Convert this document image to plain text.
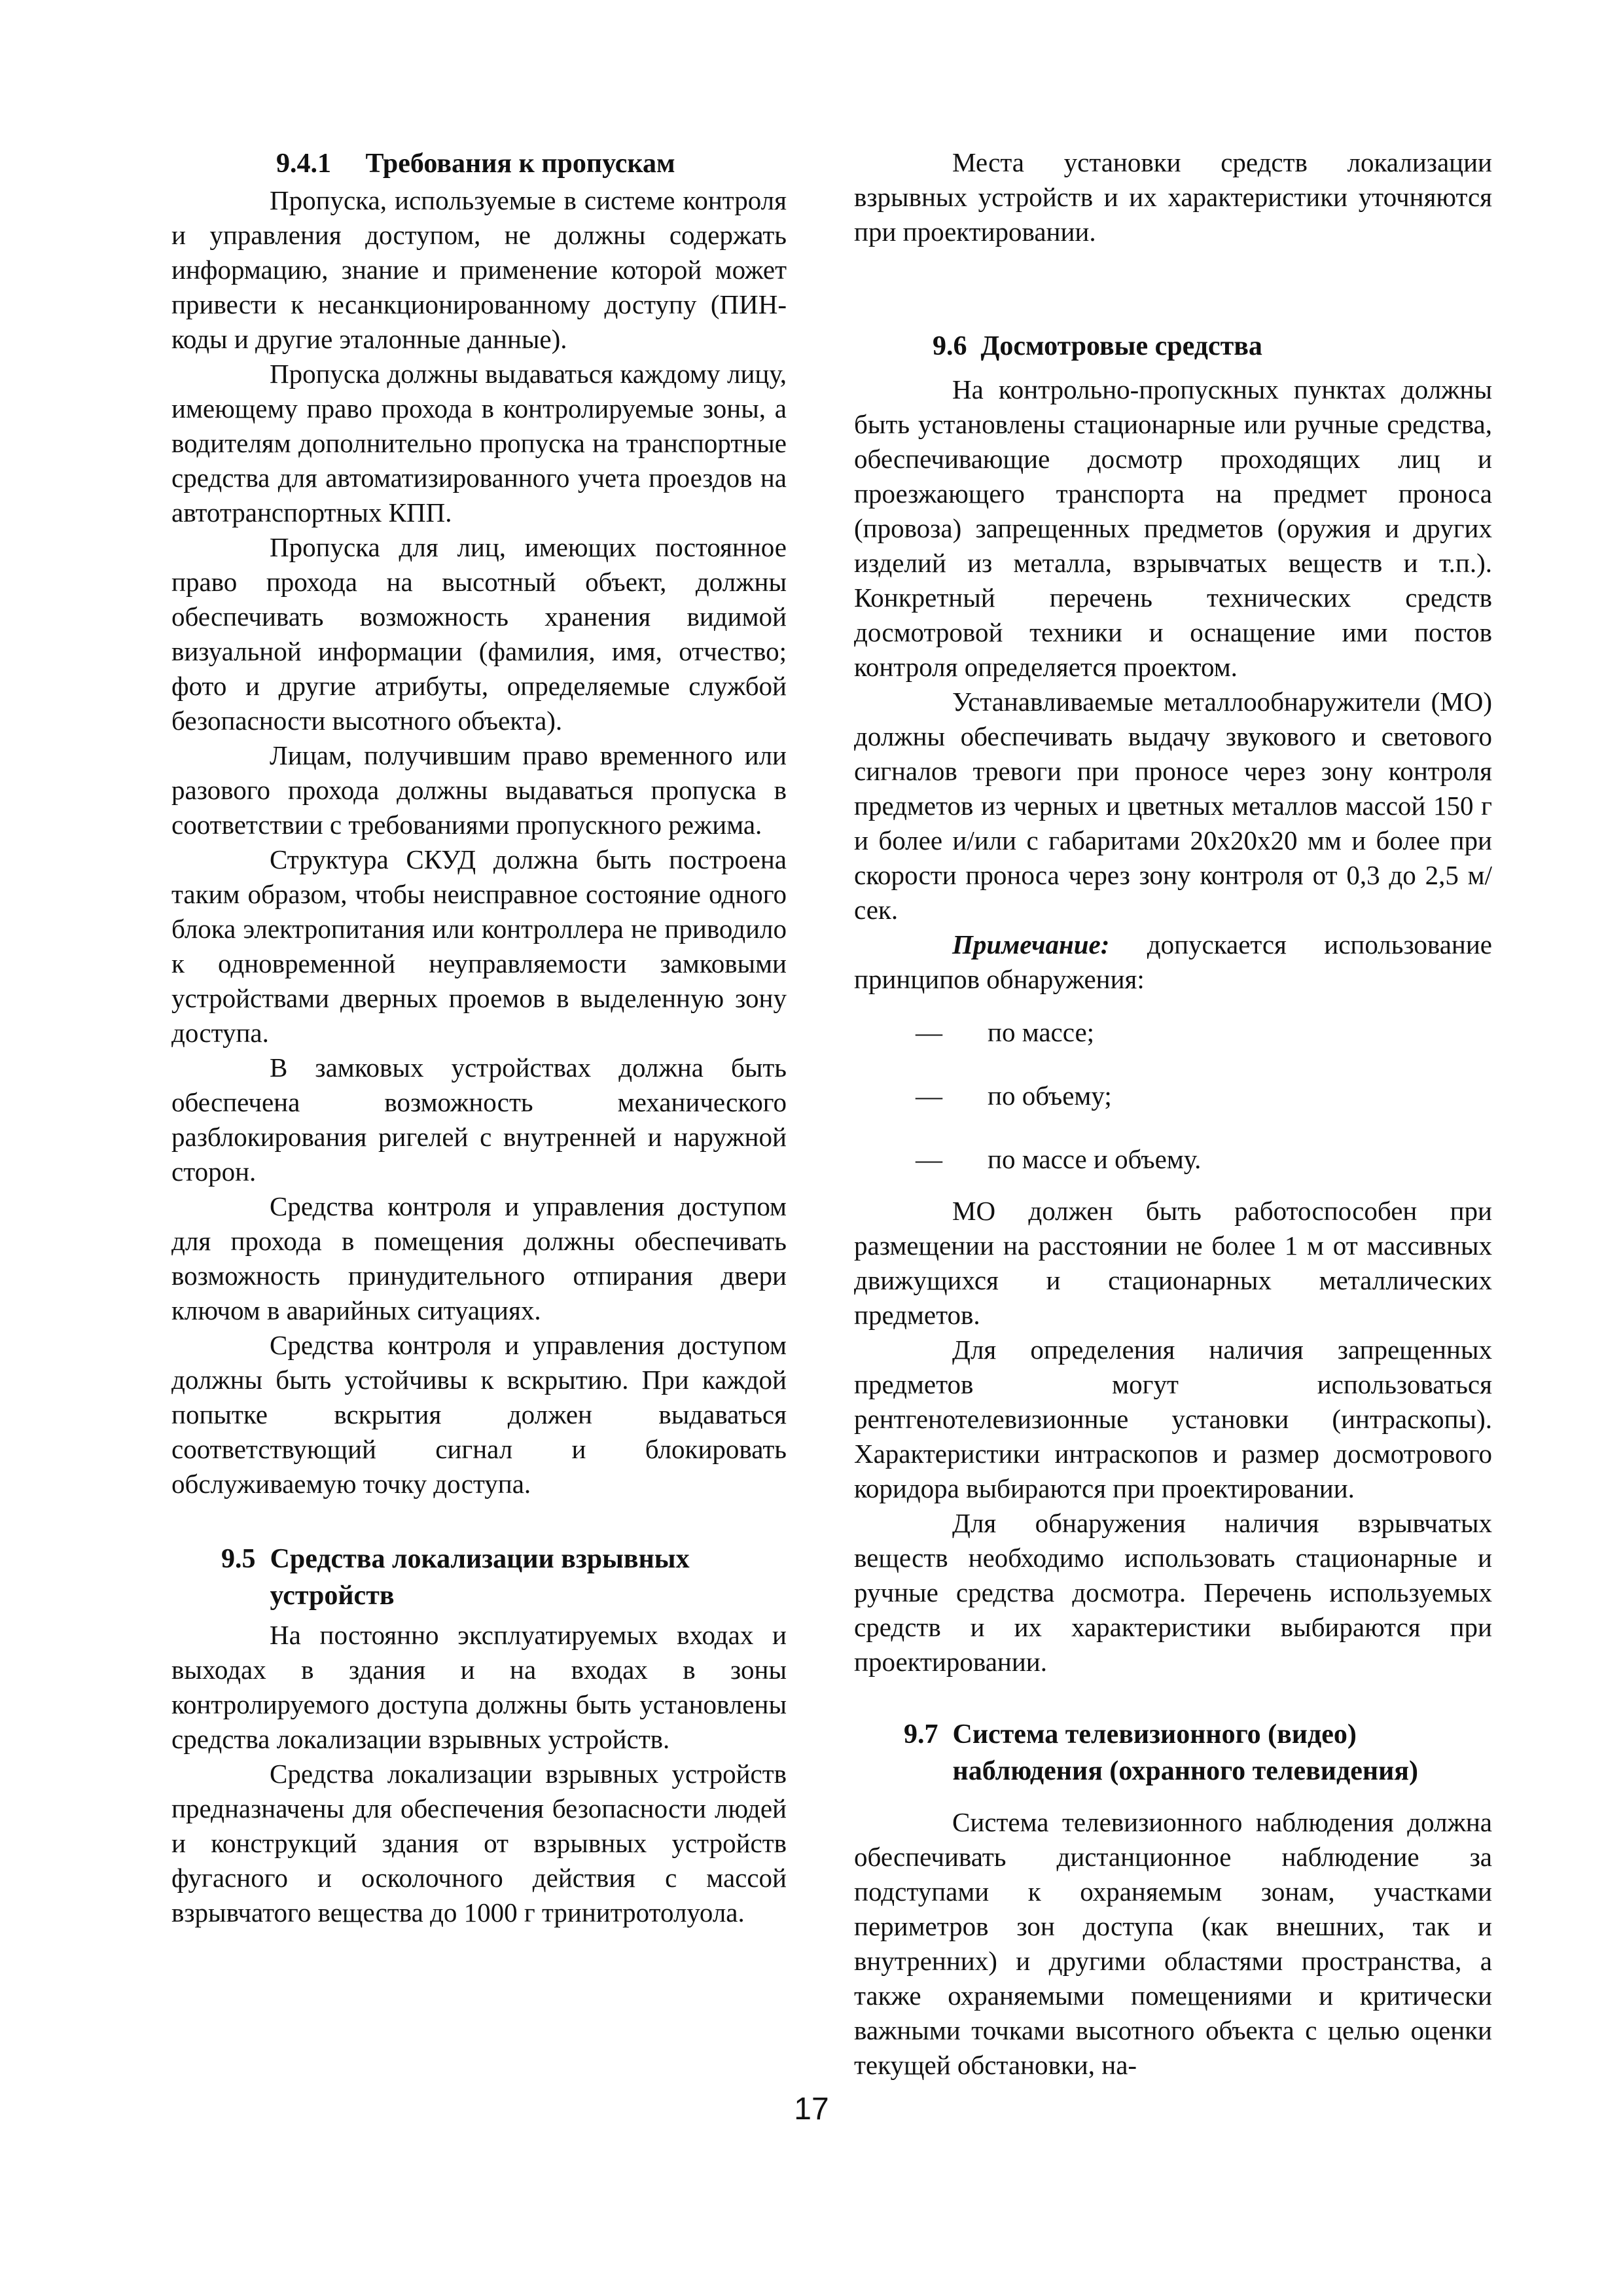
9.4.1 Требования к пропускам

Пропуска, используемые в системе контроля и управления доступом, не должны содержать информацию, знание и применение которой может привести к несанкционированному доступу (ПИН-коды и другие эталонные данные).

Пропуска должны выдаваться каждому лицу, имеющему право прохода в контролируемые зоны, а водителям дополнительно пропуска на транспортные средства для автоматизированного учета проездов на автотранспортных КПП.

Пропуска для лиц, имеющих постоянное право прохода на высотный объект, должны обеспечивать возможность хранения видимой визуальной информации (фамилия, имя, отчество; фото и другие атрибуты, определяемые службой безопасности высотного объекта).

Лицам, получившим право временного или разового прохода должны выдаваться пропуска в соответствии с требованиями пропускного режима.

Структура СКУД должна быть построена таким образом, чтобы неисправное состояние одного блока электропитания или контроллера не приводило к одновременной неуправляемости замковыми устройствами дверных проемов в выделенную зону доступа.

В замковых устройствах должна быть обеспечена возможность механического разблокирования ригелей с внутренней и наружной сторон.

Средства контроля и управления доступом для прохода в помещения должны обеспечивать возможность принудительного отпирания двери ключом в аварийных ситуациях.

Средства контроля и управления доступом должны быть устойчивы к вскрытию. При каждой попытке вскрытия должен выдаваться соответствующий сигнал и блокировать обслуживаемую точку доступа.

9.5 Средства локализации взрывных устройств

На постоянно эксплуатируемых входах и выходах в здания и на входах в зоны контролируемого доступа должны быть установлены средства локализации взрывных устройств.

Средства локализации взрывных устройств предназначены для обеспечения безопасности людей и конструкций здания от взрывных устройств фугасного и осколочного действия с массой взрывчатого вещества до 1000 г тринитротолуола.

Места установки средств локализации взрывных устройств и их характеристики уточняются при проектировании.

9.6 Досмотровые средства

На контрольно-пропускных пунктах должны быть установлены стационарные или ручные средства, обеспечивающие досмотр проходящих лиц и проезжающего транспорта на предмет проноса (провоза) запрещенных предметов (оружия и других изделий из металла, взрывчатых веществ и т.п.). Конкретный перечень технических средств досмотровой техники и оснащение ими постов контроля определяется проектом.

Устанавливаемые металлообнаружители (МО) должны обеспечивать выдачу звукового и светового сигналов тревоги при проносе через зону контроля предметов из черных и цветных металлов массой 150 г и более и/или с габаритами 20х20х20 мм и более при скорости проноса через зону контроля от 0,3 до 2,5 м/сек.

Примечание: допускается использование принципов обнаружения:

—	по массе;
—	по объему;
—	по массе и объему.

МО должен быть работоспособен при размещении на расстоянии не более 1 м от массивных движущихся и стационарных металлических предметов.

Для определения наличия запрещенных предметов могут использоваться рентгенотелевизионные установки (интраскопы). Характеристики интраскопов и размер досмотрового коридора выбираются при проектировании.

Для обнаружения наличия взрывчатых веществ необходимо использовать стационарные и ручные средства досмотра. Перечень используемых средств и их характеристики выбираются при проектировании.

9.7 Система телевизионного (видео) наблюдения (охранного телевидения)

Система телевизионного наблюдения должна обеспечивать дистанционное наблюдение за подступами к охраняемым зонам, участками периметров зон доступа (как внешних, так и внутренних) и другими областями пространства, а также охраняемыми помещениями и критически важными точками высотного объекта с целью оценки текущей обстановки, на-

17
